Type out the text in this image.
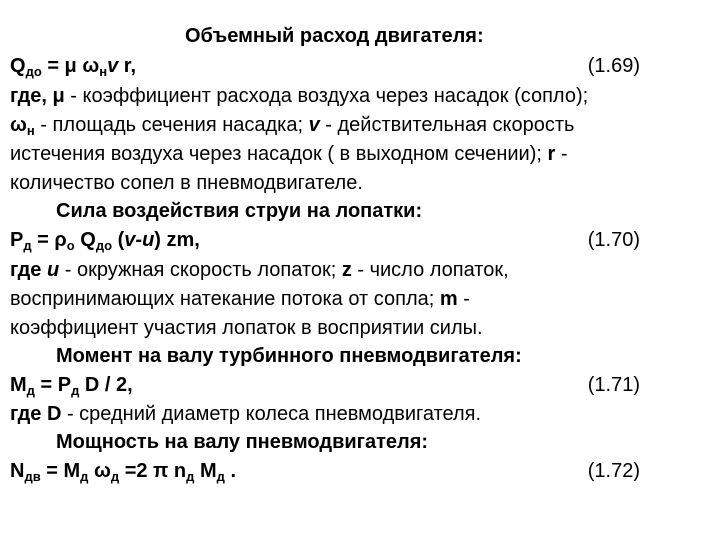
Объемный расход двигателя:
$Q_{до} = \mu$ $\omega_нv$ r,	(1.69)
где, μ - коэффициент расхода воздуха через насадок (сопло);
$\omega_н$ - площадь сечения насадка; v - действительная скорость
истечения воздуха через насадок ( в выходном сечении); r -
количество сопел в пневмодвигателе.
Сила воздействия струи на лопатки:
$Р_д = \rho_о$ $Q_{до}$ (v-u) zm,	(1.70)
где u - окружная скорость лопаток; z - число лопаток,
воспринимающих натекание потока от сопла; m -
коэффициент участия лопаток в восприятии силы.
Момент на валу турбинного пневмодвигателя:
$М_д = Р_д$ D / 2,	(1.71)
где D - средний диаметр колеса пневмодвигателя.
Мощность на валу пневмодвигателя:
$N_{дв} = М_д$ $\omega_д =2$ π $n_д$ $М_д$ .	(1.72)
